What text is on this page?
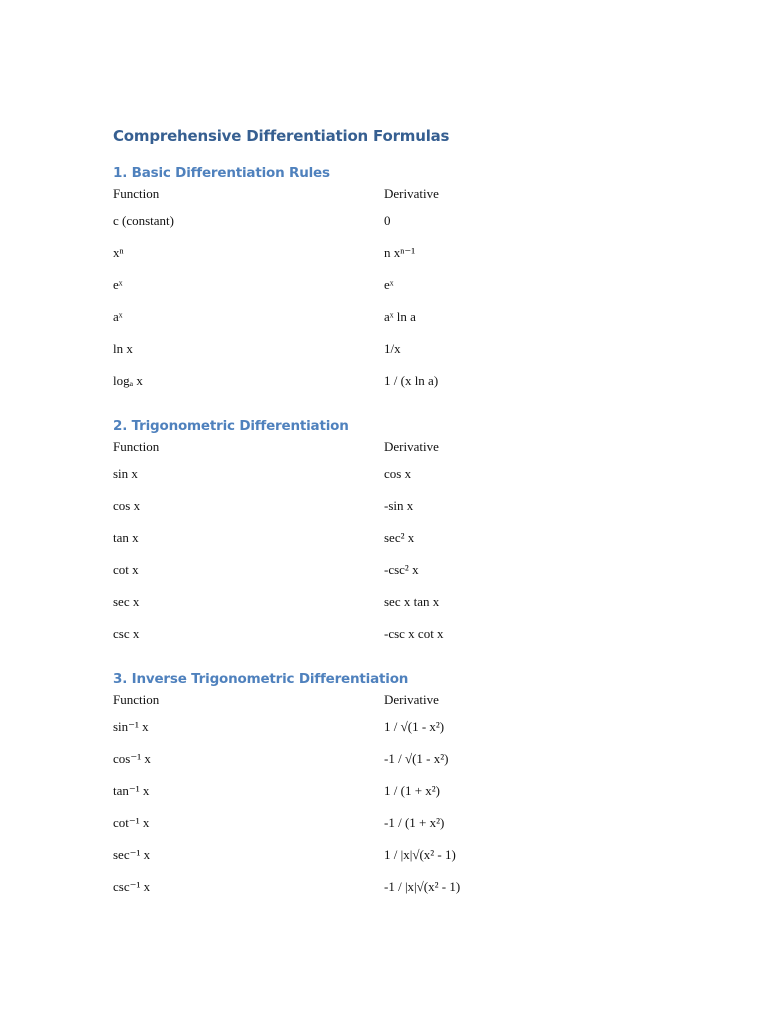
Comprehensive Differentiation Formulas
1. Basic Differentiation Rules
Function	Derivative
c (constant)	0
xⁿ	n xⁿ⁻¹
eˣ	eˣ
aˣ	aˣ ln a
ln x	1/x
logₐ x	1 / (x ln a)
2. Trigonometric Differentiation
Function	Derivative
sin x	cos x
cos x	-sin x
tan x	sec² x
cot x	-csc² x
sec x	sec x tan x
csc x	-csc x cot x
3. Inverse Trigonometric Differentiation
Function	Derivative
sin⁻¹ x	1 / √(1 - x²)
cos⁻¹ x	-1 / √(1 - x²)
tan⁻¹ x	1 / (1 + x²)
cot⁻¹ x	-1 / (1 + x²)
sec⁻¹ x	1 / |x|√(x² - 1)
csc⁻¹ x	-1 / |x|√(x² - 1)
